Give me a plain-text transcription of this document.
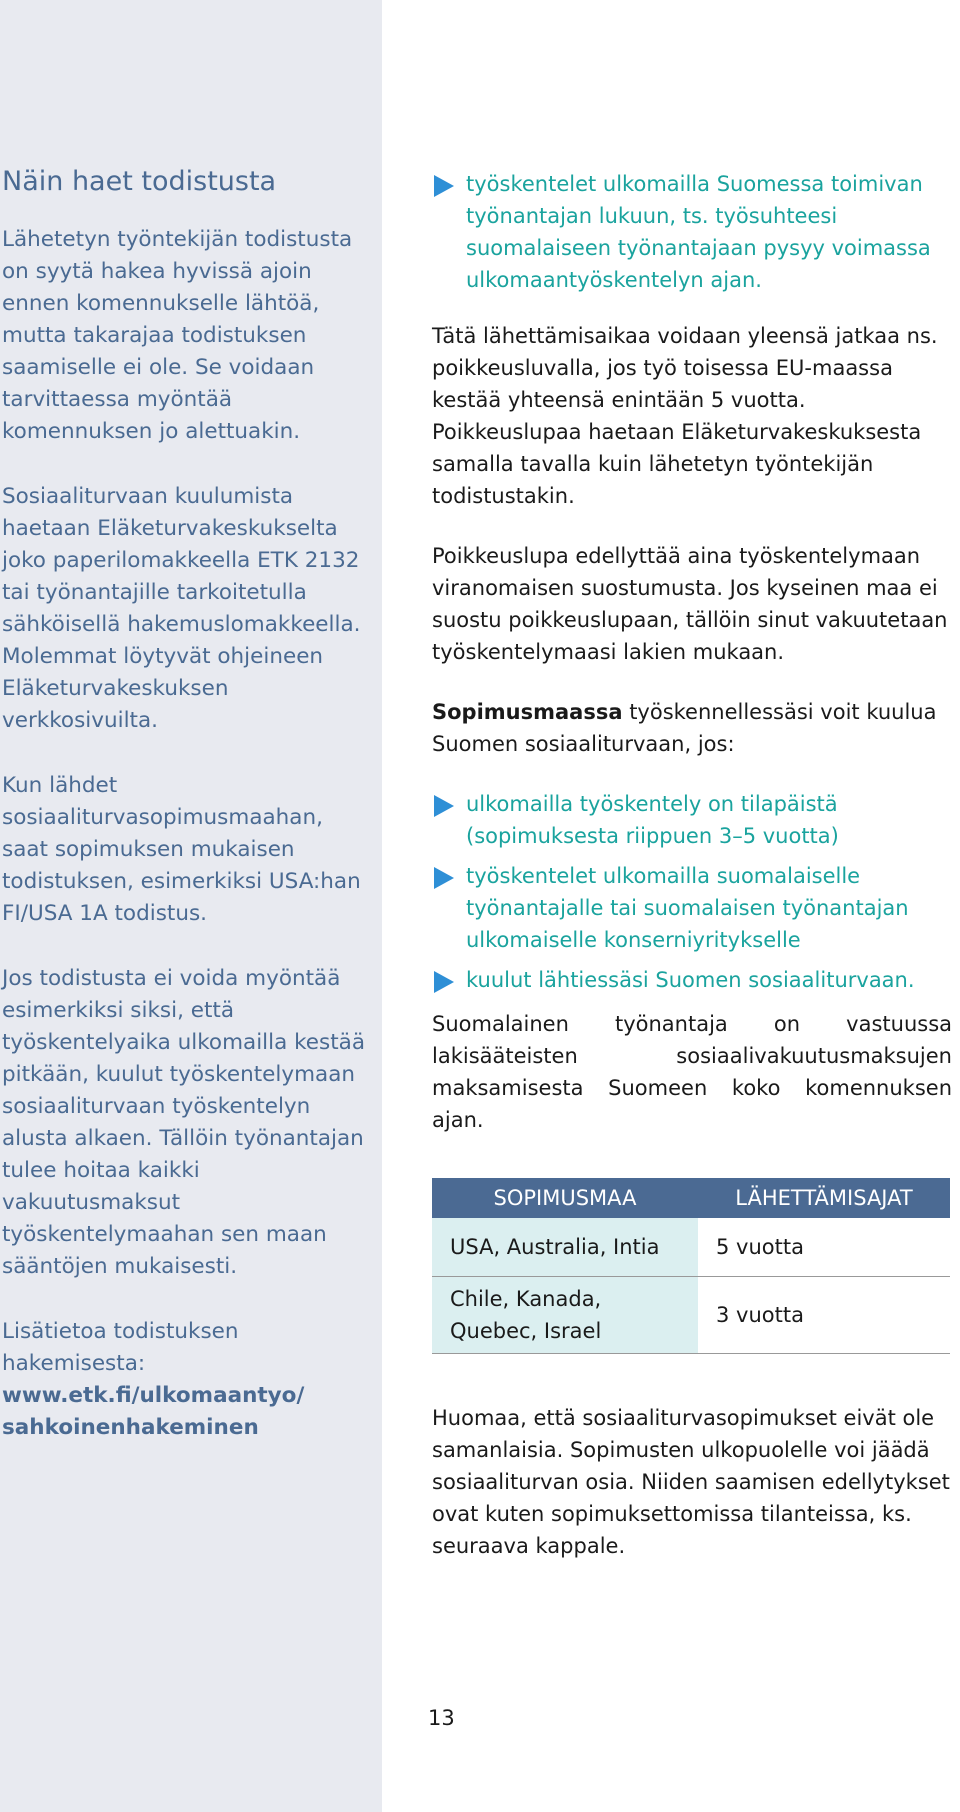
Näin haet todistusta

Lähetetyn työntekijän todistusta on syytä hakea hyvissä ajoin ennen komennukselle lähtöä, mutta takarajaa todistuksen saamiselle ei ole. Se voidaan tarvittaessa myöntää komennuksen jo alettuakin.

Sosiaaliturvaan kuulumista haetaan Eläketurvakeskukselta joko paperilomakkeella ETK 2132 tai työnantajille tarkoitetulla sähköisellä hakemuslomakkeella. Molemmat löytyvät ohjeineen Eläketurvakeskuksen verkkosivuilta.

Kun lähdet sosiaaliturvasopimusmaahan, saat sopimuksen mukaisen todistuksen, esimerkiksi USA:han FI/USA 1A todistus.

Jos todistusta ei voida myöntää esimerkiksi siksi, että työskentelyaika ulkomailla kestää pitkään, kuulut työskentelymaan sosiaaliturvaan työskentelyn alusta alkaen. Tällöin työnantajan tulee hoitaa kaikki vakuutusmaksut työskentelymaahan sen maan sääntöjen mukaisesti.

Lisätietoa todistuksen hakemisesta:

www.etk.fi/ulkomaantyo/ sahkoinenhakeminen

työskentelet ulkomailla Suomessa toimivan työnantajan lukuun, ts. työsuhteesi suomalaiseen työnantajaan pysyy voimassa ulkomaantyöskentelyn ajan.

Tätä lähettämisaikaa voidaan yleensä jatkaa ns. poikkeusluvalla, jos työ toisessa EU-maassa kestää yhteensä enintään 5 vuotta. Poikkeuslupaa haetaan Eläketurvakeskuksesta samalla tavalla kuin lähetetyn työntekijän todistustakin.

Poikkeuslupa edellyttää aina työskentelymaan viranomaisen suostumusta. Jos kyseinen maa ei suostu poikkeuslupaan, tällöin sinut vakuutetaan työskentelymaasi lakien mukaan.

Sopimusmaassa työskennellessäsi voit kuulua Suomen sosiaaliturvaan, jos:

ulkomailla työskentely on tilapäistä (sopimuksesta riippuen 3–5 vuotta)
työskentelet ulkomailla suomalaiselle työnantajalle tai suomalaisen työnantajan ulkomaiselle konserniyritykselle
kuulut lähtiessäsi Suomen sosiaaliturvaan.

Suomalainen työnantaja on vastuussa lakisääteisten sosiaalivakuutusmaksujen maksamisesta Suomeen koko komennuksen ajan.

SOPIMUSMAA	LÄHETTÄMISAJAT
USA, Australia, Intia	5 vuotta
Chile, Kanada, Quebec, Israel	3 vuotta

Huomaa, että sosiaaliturvasopimukset eivät ole samanlaisia. Sopimusten ulkopuolelle voi jäädä sosiaaliturvan osia. Niiden saamisen edellytykset ovat kuten sopimuksettomissa tilanteissa, ks. seuraava kappale.

13
